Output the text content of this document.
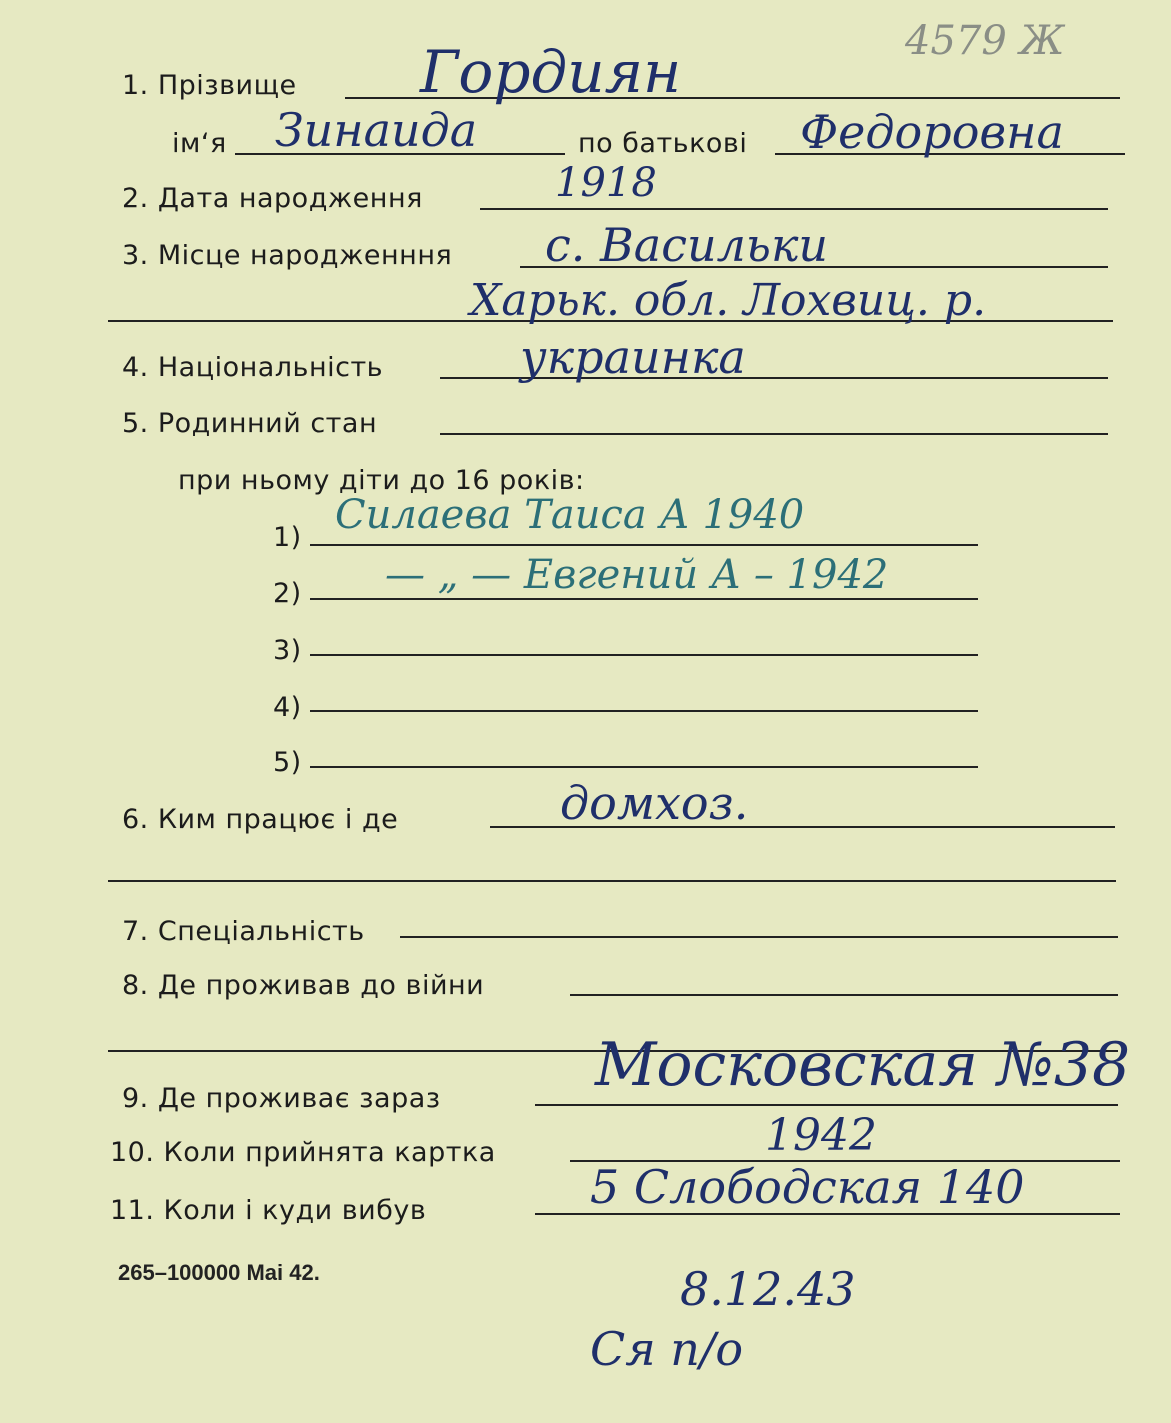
1. Прізвище Гордиян	4579 Ж
ім‘я Зинаида	по батькові Федоровна
2. Дата народження	1918
3. Місце народженння с. Васильки
Харьк. обл. Лохвиц. р.
4. Національність	украинка
5. Родинний стан
при ньому діти до 16 років:
1) Силаева Таиса А 1940
2) — „ — Евгений А – 1942
3)
4)
5)
6. Ким працює і де	домхоз.
7. Спеціальність
8. Де проживав до війни
9. Де проживає зараз	Московская №38
10. Коли прийнята картка	1942
11. Коли і куди вибув	5 Слободская 140
265–100000 Mai 42.	8.12.43
Ся п/о
